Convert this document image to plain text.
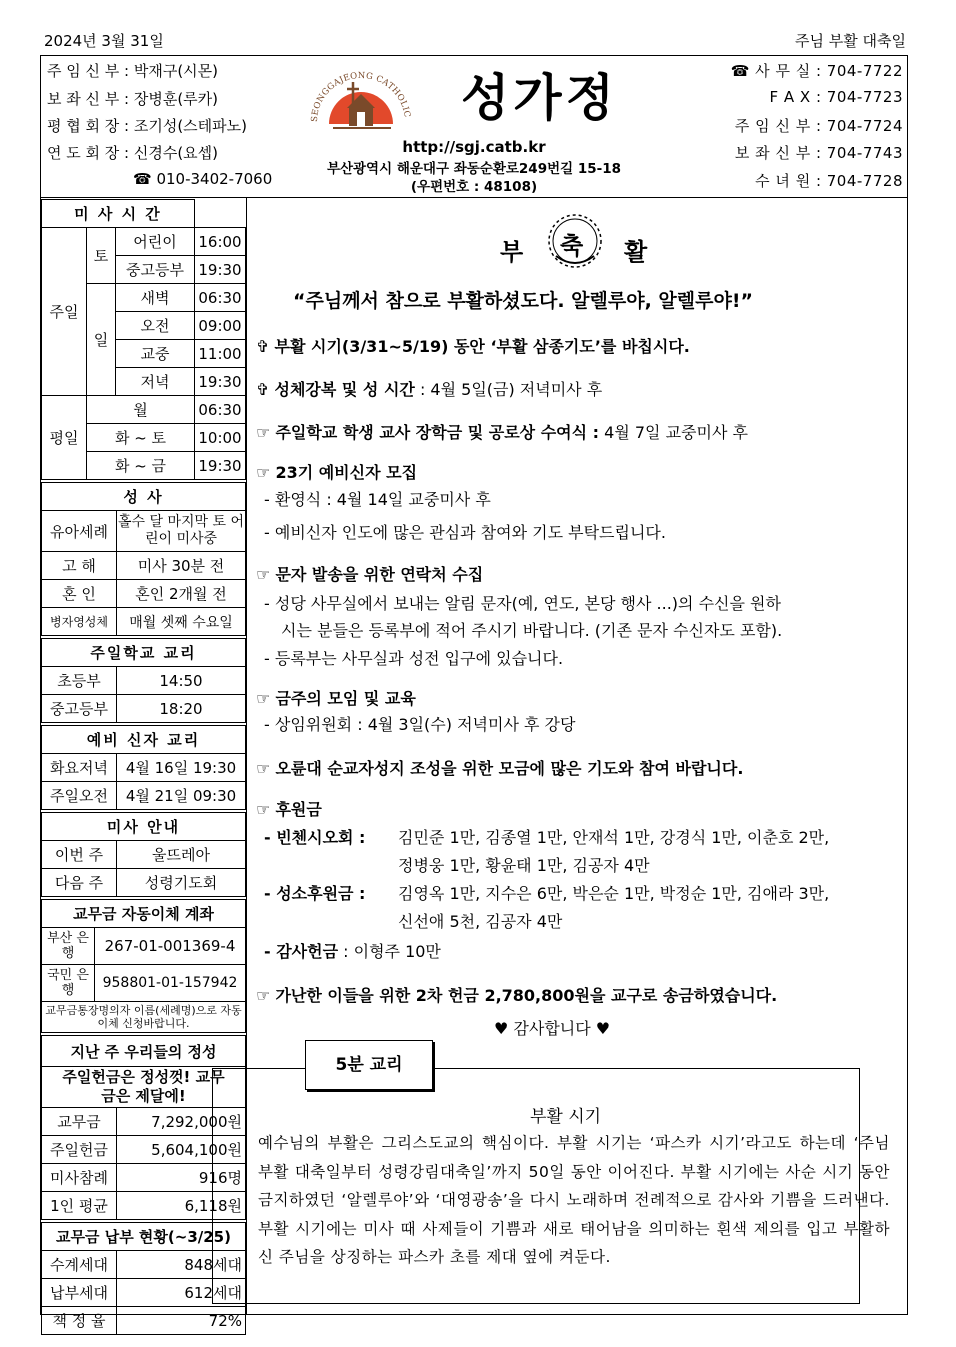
2024년 3월 31일	주님 부활 대축일
주 임 신 부 : 박재구(시몬)
보 좌 신 부 : 장병훈(루카)
평 협 회 장 : 조기성(스테파노)
연 도 회 장 : 신경수(요셉)
☎ 010-3402-7060
SEONGGAJEONG CATHOLIC 성가정
http://sgj.catb.kr
부산광역시 해운대구 좌동순환로249번길 15-18
(우편번호 : 48108)
☎ 사 무 실 : 704-7722
F A X : 704-7723
주 임 신 부 : 704-7724
보 좌 신 부 : 704-7743
수 녀 원 : 704-7728
미 사 시 간			
주일	토	어린이	16:00
		중고등부	19:30
	일	새벽	06:30
		오전	09:00
		교중	11:00
		저녁	19:30
평일	월		06:30
	화 ~ 토		10:00
	화 ~ 금		19:30
성 사	
유아세례	홀수 달 마지막 토 어린이 미사중
고 해	미사 30분 전
혼 인	혼인 2개월 전
병자영성체	매월 셋째 수요일
주일학교 교리	
초등부	14:50
중고등부	18:20
예비 신자 교리	
화요저녁	4월 16일 19:30
주일오전	4월 21일 09:30
미사 안내	
이번 주	울뜨레아
다음 주	성령기도회
교무금 자동이체 계좌	
부산 은행	267-01-001369-4
국민 은행	958801-01-157942
교무금통장명의자 이름(세례명)으로 자동이체 신청바랍니다.	
지난 주 우리들의 정성	
주일헌금은 정성껏! 교무금은 제달에!	
교무금	7,292,000원
주일헌금	5,604,100원
미사참례	916명
1인 평균	6,118원
교무금 납부 현황(~3/25)	
수계세대	848세대
납부세대	612세대
책 정 율	72%
부 축 활
“주님께서 참으로 부활하셨도다. 알렐루야, 알렐루야!”
✞ 부활 시기(3/31~5/19) 동안 ‘부활 삼종기도’를 바칩시다.
✞ 성체강복 및 성 시간 : 4월 5일(금) 저녁미사 후
☞ 주일학교 학생 교사 장학금 및 공로상 수여식 : 4월 7일 교중미사 후
☞ 23기 예비신자 모집
- 환영식 : 4월 14일 교중미사 후
- 예비신자 인도에 많은 관심과 참여와 기도 부탁드립니다.
☞ 문자 발송을 위한 연락처 수집
- 성당 사무실에서 보내는 알림 문자(예, 연도, 본당 행사 ...)의 수신을 원하
시는 분들은 등록부에 적어 주시기 바랍니다. (기존 문자 수신자도 포함).
- 등록부는 사무실과 성전 입구에 있습니다.
☞ 금주의 모임 및 교육
- 상임위원회 : 4월 3일(수) 저녁미사 후 강당
☞ 오륜대 순교자성지 조성을 위한 모금에 많은 기도와 참여 바랍니다.
☞ 후원금
- 빈첸시오회 : 김민준 1만, 김종열 1만, 안재석 1만, 강경식 1만, 이춘호 2만,
정병웅 1만, 황윤태 1만, 김공자 4만
- 성소후원금 : 김영옥 1만, 지수은 6만, 박은순 1만, 박정순 1만, 김애라 3만,
신선애 5천, 김공자 4만
- 감사헌금 : 이형주 10만
☞ 가난한 이들을 위한 2차 헌금 2,780,800원을 교구로 송금하였습니다.
♥ 감사합니다 ♥
5분 교리
부활 시기
예수님의 부활은 그리스도교의 핵심이다. 부활 시기는 ‘파스카 시기’라고도 하는데 ‘주님 부활 대축일부터 성령강림대축일’까지 50일 동안 이어진다. 부활 시기에는 사순 시기 동안 금지하였던 ‘알렐루야’와 ‘대영광송’을 다시 노래하며 전례적으로 감사와 기쁨을 드러낸다. 부활 시기에는 미사 때 사제들이 기쁨과 새로 태어남을 의미하는 흰색 제의를 입고 부활하신 주님을 상징하는 파스카 초를 제대 옆에 켜둔다.
